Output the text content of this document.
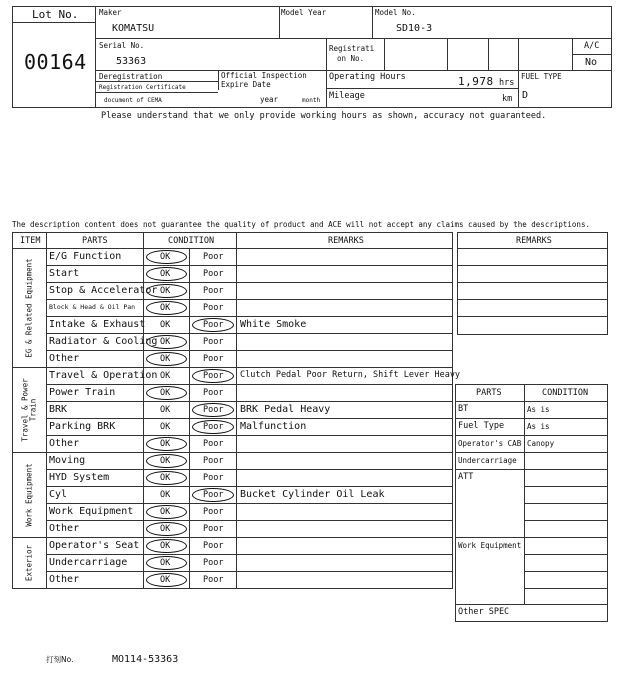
Lot No.
00164
Maker
KOMATSU
Model Year	Model No.
SD10-3
Serial No.
53363
Registrati
on No.
A/C
No
Deregistration
Registration Certificate
document of CEMA
Official Inspection
Expire Date
year	month
Operating Hours	1,978 hrs
Mileage	km
FUEL TYPE
D
Please understand that we only provide working hours as shown, accuracy not guaranteed.
The description content does not guarantee the quality of product and ACE will not accept any claims caused by the descriptions.
ITEM	PARTS	CONDITION	REMARKS
E/G Function	OK	Poor
Start	OK	Poor
Stop & Accelerator OK	Poor
Block & Head & Oil Pan	OK	Poor
Intake & Exhaust OK	Poor White Smoke
Radiator & Cooling OK	Poor
Other	OK	Poor
EG & Related Equipment
Travel & Operation OK	Poor Clutch Pedal Poor Return, Shift Lever Heavy
Power Train	OK	Poor
BRK	OK	Poor BRK Pedal Heavy
Parking BRK	OK	Poor Malfunction
Other	OK	Poor
Travel & Power Train
Moving	OK	Poor
HYD System	OK	Poor
Cyl	OK	Poor Bucket Cylinder Oil Leak
Work Equipment	OK	Poor
Other	OK	Poor
Work Equipment
Operator's Seat OK	Poor
Undercarriage	OK	Poor
Other	OK	Poor
Exterior
REMARKS
PARTS	CONDITION
BT	As is
Fuel Type	As is
Operator's CAB Canopy
Undercarriage
ATT
Work Equipment
Other SPEC
打刻No.	MO114-53363
